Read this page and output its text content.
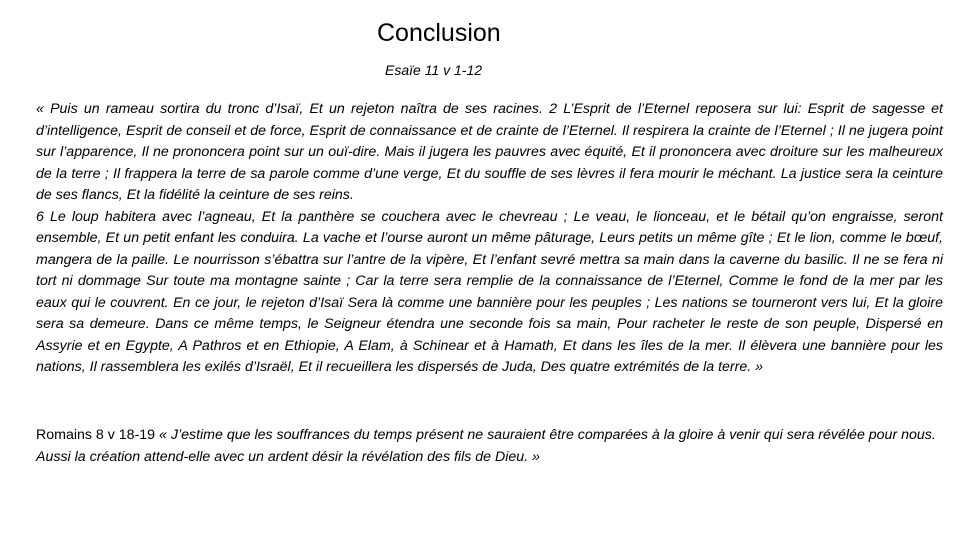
Conclusion
Esaïe 11 v 1-12
« Puis un rameau sortira du tronc d’Isaï, Et un rejeton naîtra de ses racines. 2 L’Esprit de l’Eternel reposera sur lui: Esprit de sagesse et d’intelligence, Esprit de conseil et de force, Esprit de connaissance et de crainte de l’Eternel. Il respirera la crainte de l’Eternel ; Il ne jugera point sur l’apparence, Il ne prononcera point sur un ouï-dire. Mais il jugera les pauvres avec équité, Et il prononcera avec droiture sur les malheureux de la terre ; Il frappera la terre de sa parole comme d’une verge, Et du souffle de ses lèvres il fera mourir le méchant. La justice sera la ceinture de ses flancs, Et la fidélité la ceinture de ses reins.
6 Le loup habitera avec l’agneau, Et la panthère se couchera avec le chevreau ; Le veau, le lionceau, et le bétail qu’on engraisse, seront ensemble, Et un petit enfant les conduira. La vache et l’ourse auront un même pâturage, Leurs petits un même gîte ; Et le lion, comme le bœuf, mangera de la paille. Le nourrisson s’ébattra sur l’antre de la vipère, Et l’enfant sevré mettra sa main dans la caverne du basilic. Il ne se fera ni tort ni dommage Sur toute ma montagne sainte ; Car la terre sera remplie de la connaissance de l’Eternel, Comme le fond de la mer par les eaux qui le couvrent. En ce jour, le rejeton d’Isaï Sera là comme une bannière pour les peuples ; Les nations se tourneront vers lui, Et la gloire sera sa demeure. Dans ce même temps, le Seigneur étendra une seconde fois sa main, Pour racheter le reste de son peuple, Dispersé en Assyrie et en Egypte, A Pathros et en Ethiopie, A Elam, à Schinear et à Hamath, Et dans les îles de la mer. Il élèvera une bannière pour les nations, Il rassemblera les exilés d’Israël, Et il recueillera les dispersés de Juda, Des quatre extrémités de la terre. »
Romains 8 v 18-19 « J’estime que les souffrances du temps présent ne sauraient être comparées à la gloire à venir qui sera révélée pour nous. Aussi la création attend-elle avec un ardent désir la révélation des fils de Dieu. »
